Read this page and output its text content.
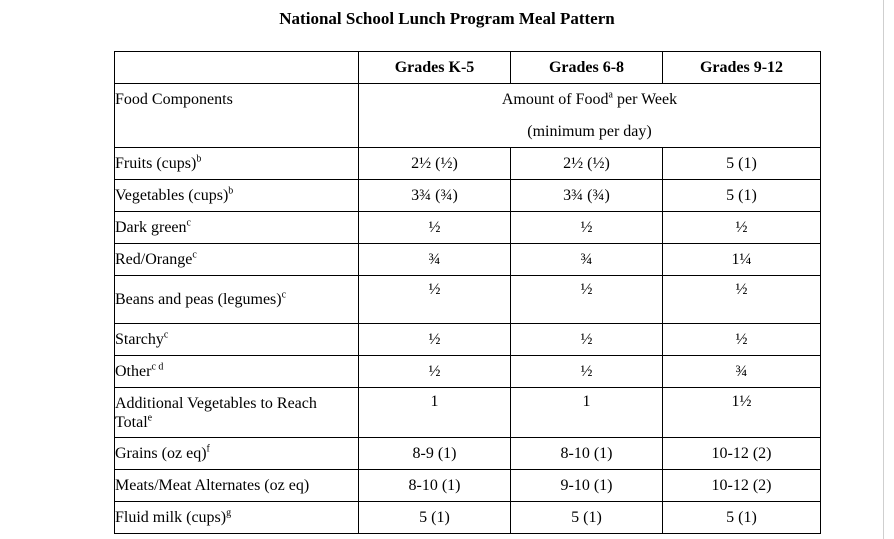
National School Lunch Program Meal Pattern
	Grades K-5	Grades 6-8	Grades 9-12
Food Components	Amount of Food$^a$ per Week		
	(minimum per day)		
Fruits (cups)$^b$	2½ (½)	2½ (½)	5 (1)
Vegetables (cups)$^b$	3¾ (¾)	3¾ (¾)	5 (1)
Dark green$^c$	½	½	½
Red/Orange$^c$	¾	¾	1¼
Beans and peas (legumes)$^c$	½	½	½
Starchy$^c$	½	½	½
Other$^{c d}$	½	½	¾
Additional Vegetables to Reach Total$^e$	1	1	1½
Grains (oz eq)$^f$	8-9 (1)	8-10 (1)	10-12 (2)
Meats/Meat Alternates (oz eq)	8-10 (1)	9-10 (1)	10-12 (2)
Fluid milk (cups)$^g$	5 (1)	5 (1)	5 (1)
